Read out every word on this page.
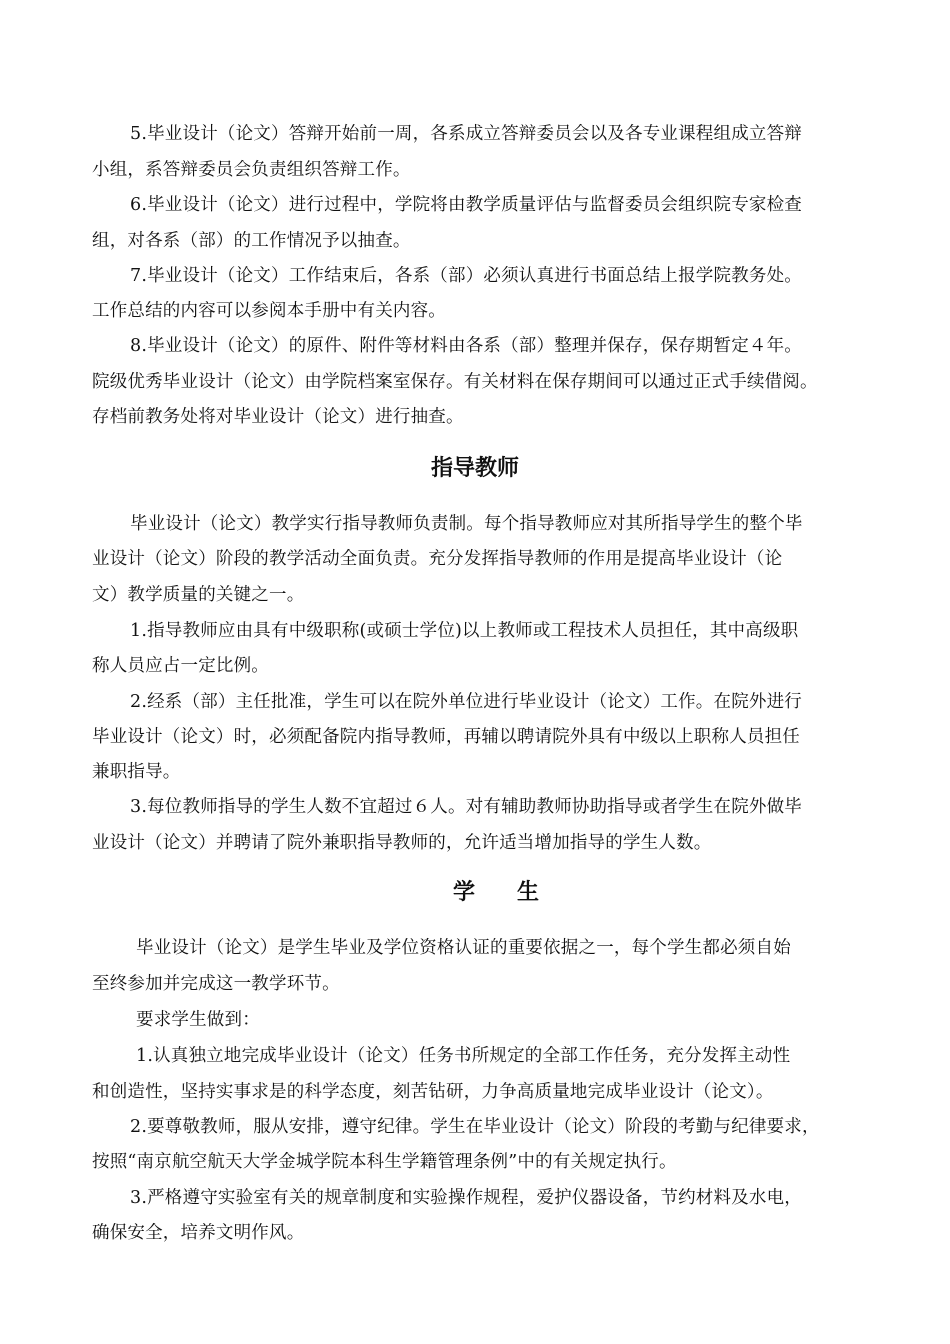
5.毕业设计（论文）答辩开始前一周，各系成立答辩委员会以及各专业课程组成立答辩
小组，系答辩委员会负责组织答辩工作。
6.毕业设计（论文）进行过程中，学院将由教学质量评估与监督委员会组织院专家检查
组，对各系（部）的工作情况予以抽查。
7.毕业设计（论文）工作结束后，各系（部）必须认真进行书面总结上报学院教务处。
工作总结的内容可以参阅本手册中有关内容。
8.毕业设计（论文）的原件、附件等材料由各系（部）整理并保存，保存期暂定４年。
院级优秀毕业设计（论文）由学院档案室保存。有关材料在保存期间可以通过正式手续借阅。
存档前教务处将对毕业设计（论文）进行抽查。
指导教师
毕业设计（论文）教学实行指导教师负责制。每个指导教师应对其所指导学生的整个毕
业设计（论文）阶段的教学活动全面负责。充分发挥指导教师的作用是提高毕业设计（论
文）教学质量的关键之一。
1.指导教师应由具有中级职称(或硕士学位)以上教师或工程技术人员担任，其中高级职
称人员应占一定比例。
2.经系（部）主任批准，学生可以在院外单位进行毕业设计（论文）工作。在院外进行
毕业设计（论文）时，必须配备院内指导教师，再辅以聘请院外具有中级以上职称人员担任
兼职指导。
3.每位教师指导的学生人数不宜超过６人。对有辅助教师协助指导或者学生在院外做毕
业设计（论文）并聘请了院外兼职指导教师的，允许适当增加指导的学生人数。
学生
毕业设计（论文）是学生毕业及学位资格认证的重要依据之一，每个学生都必须自始
至终参加并完成这一教学环节。
要求学生做到：
1.认真独立地完成毕业设计（论文）任务书所规定的全部工作任务，充分发挥主动性
和创造性，坚持实事求是的科学态度，刻苦钻研，力争高质量地完成毕业设计（论文）。
2.要尊敬教师，服从安排，遵守纪律。学生在毕业设计（论文）阶段的考勤与纪律要求，
按照“南京航空航天大学金城学院本科生学籍管理条例”中的有关规定执行。
3.严格遵守实验室有关的规章制度和实验操作规程，爱护仪器设备，节约材料及水电，
确保安全，培养文明作风。
